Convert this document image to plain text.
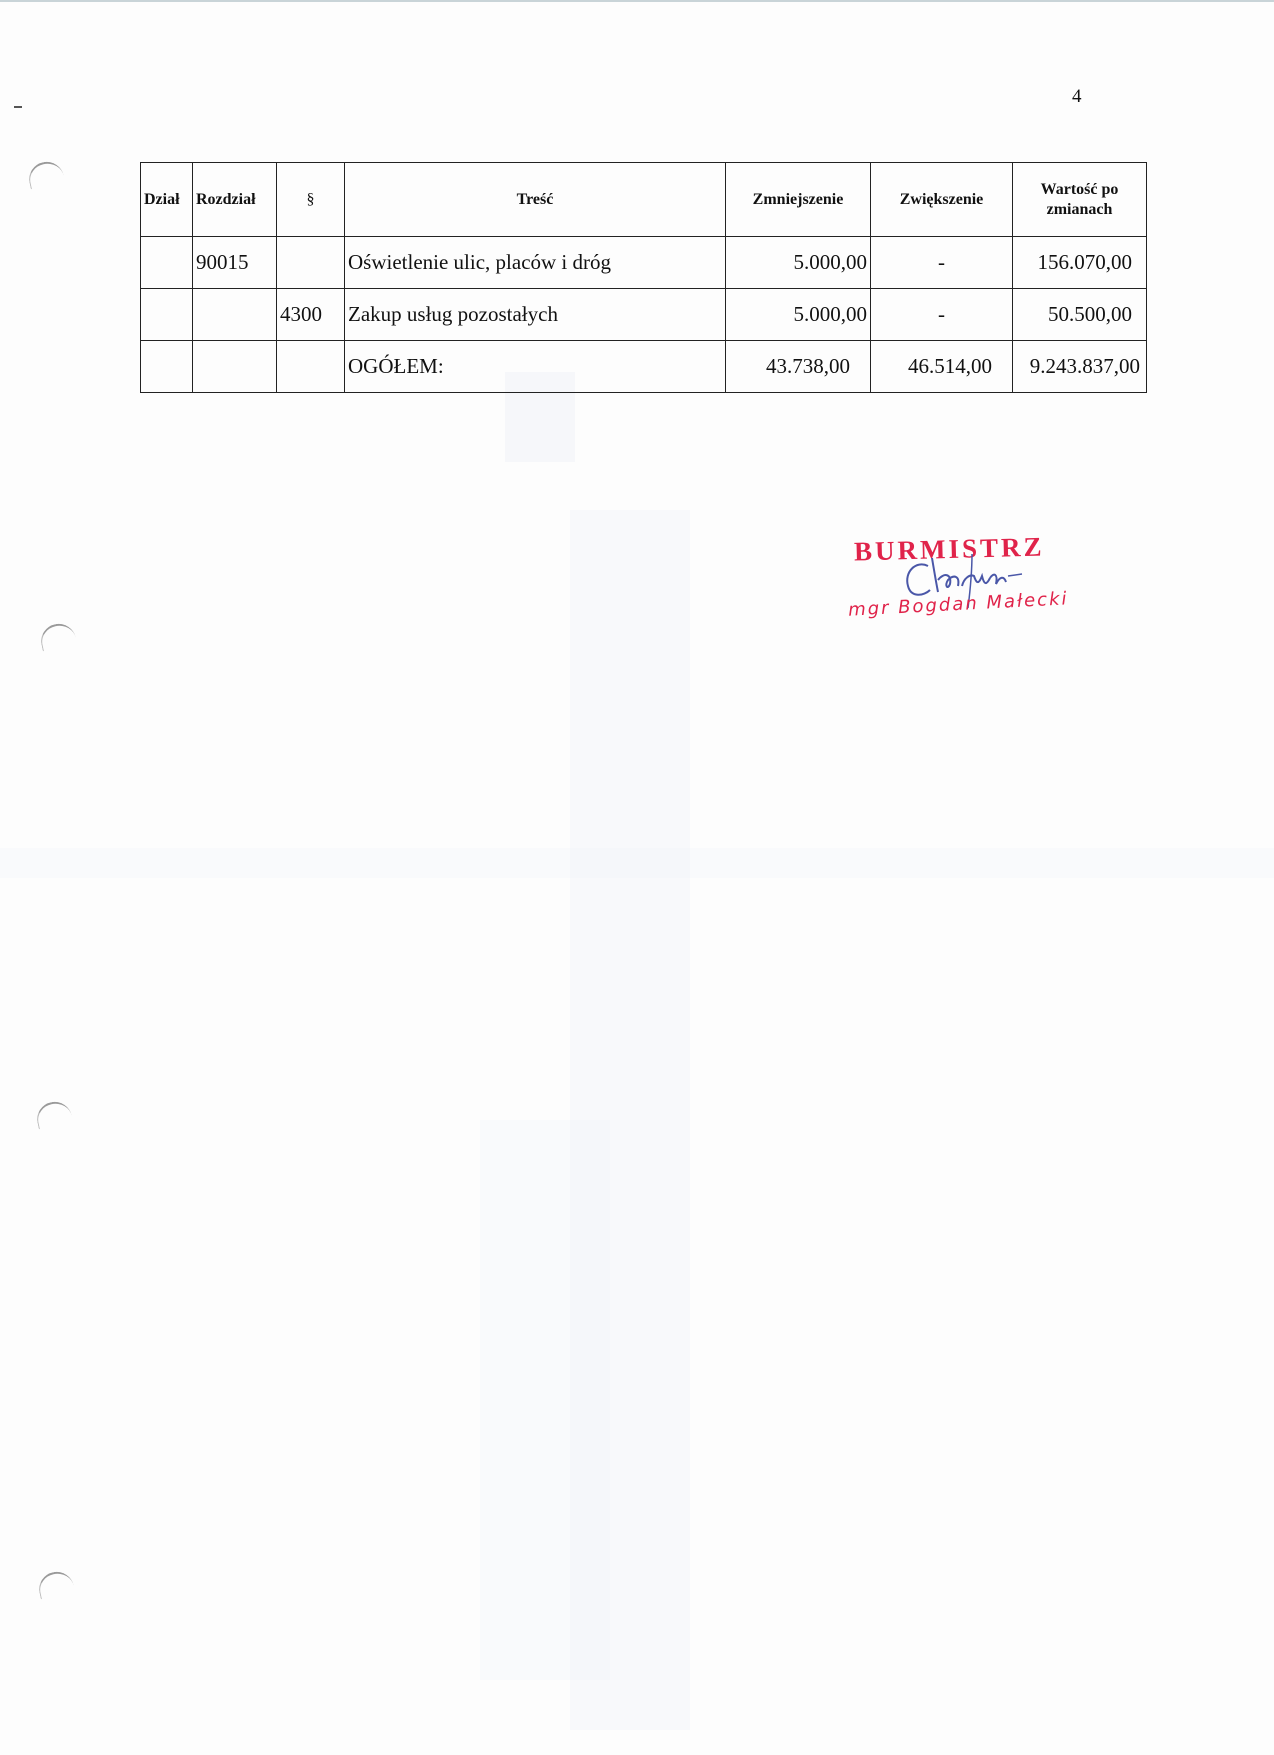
4
Dział	Rozdział	§	Treść	Zmniejszenie	Zwiększenie	Wartość po zmianach
	90015		Oświetlenie ulic, placów i dróg	5.000,00	-	156.070,00
		4300	Zakup usług pozostałych	5.000,00	-	50.500,00
			OGÓŁEM:	43.738,00	46.514,00	9.243.837,00
BURMISTRZ
mgr Bogdan Małecki
